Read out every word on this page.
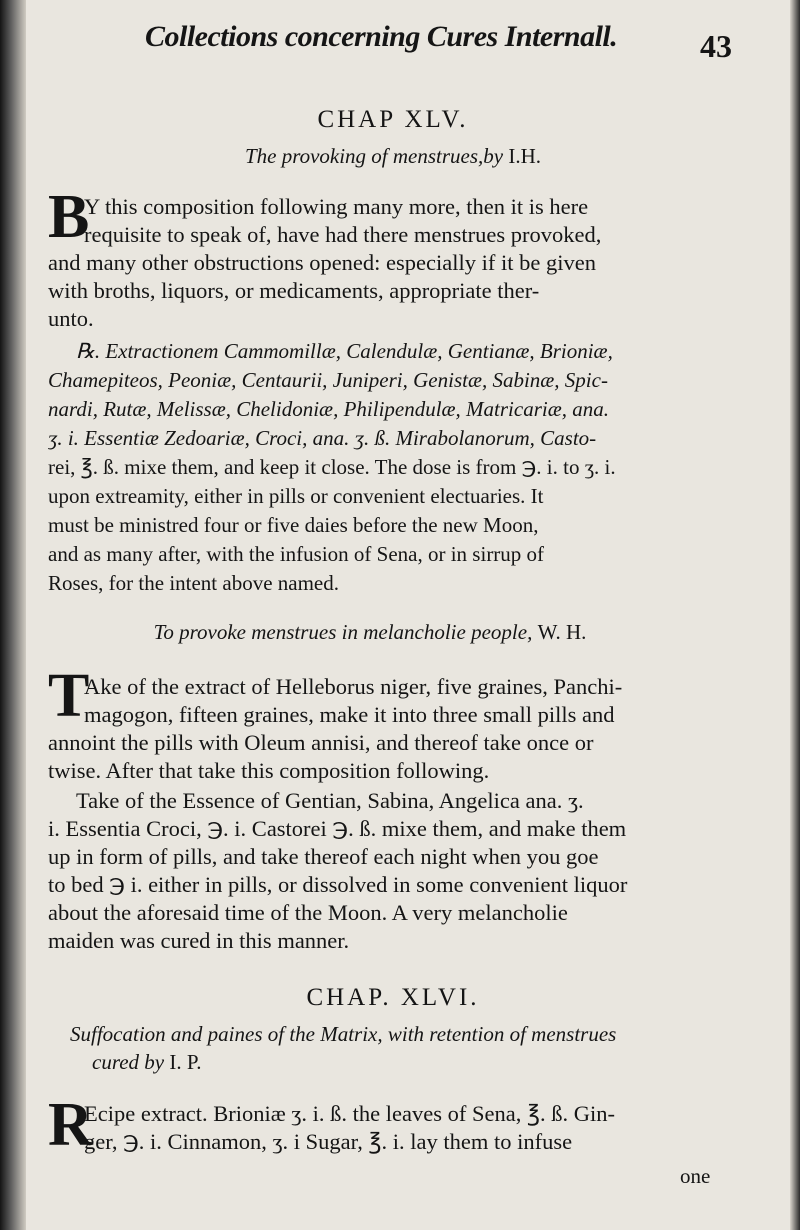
Collections concerning Cures Internall.	43
CHAP XLV.
The provoking of menstrues,by I.H.
B
Y this composition following many more, then it is here
requisite to speak of, have had there menstrues provoked,
and many other obstructions opened: especially if it be given
with broths, liquors, or medicaments, appropriate ther-
unto.
℞. Extractionem Cammomillæ, Calendulæ, Gentianæ, Brioniæ,
Chamepiteos, Peoniæ, Centaurii, Juniperi, Genistæ, Sabinæ, Spic-
nardi, Rutæ, Melissæ, Chelidoniæ, Philipendulæ, Matricariæ, ana.
ʒ. i. Essentiæ Zedoariæ, Croci, ana. ʒ. ß. Mirabolanorum, Casto-
rei, ℥. ß. mixe them, and keep it close. The dose is from ℈. i. to ʒ. i.
upon extreamity, either in pills or convenient electuaries. It
must be ministred four or five daies before the new Moon,
and as many after, with the infusion of Sena, or in sirrup of
Roses, for the intent above named.
To provoke menstrues in melancholie people, W. H.
T
Ake of the extract of Helleborus niger, five graines, Panchi-
magogon, fifteen graines, make it into three small pills and
annoint the pills with Oleum annisi, and thereof take once or
twise. After that take this composition following.
Take of the Essence of Gentian, Sabina, Angelica ana. ʒ.
i. Essentia Croci, ℈. i. Castorei ℈. ß. mixe them, and make them
up in form of pills, and take thereof each night when you goe
to bed ℈ i. either in pills, or dissolved in some convenient liquor
about the aforesaid time of the Moon. A very melancholie
maiden was cured in this manner.
CHAP. XLVI.
Suffocation and paines of the Matrix, with retention of menstrues
cured by I. P.
R
Ecipe extract. Brioniæ ʒ. i. ß. the leaves of Sena, ℥. ß. Gin-
ger, ℈. i. Cinnamon, ʒ. i Sugar, ℥. i. lay them to infuse
one
